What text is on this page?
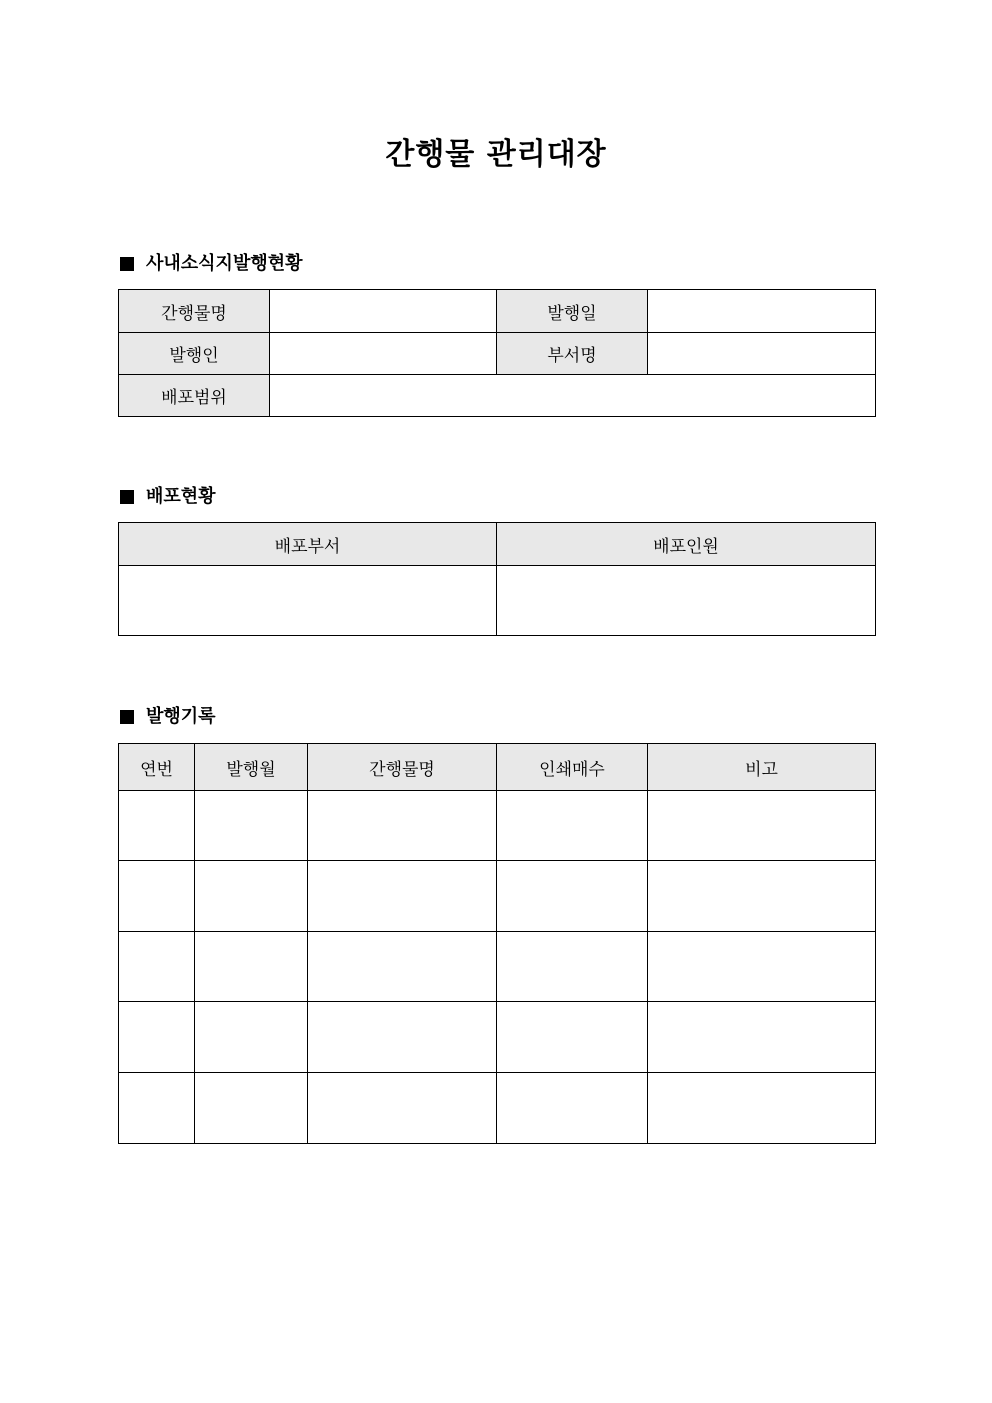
간행물 관리대장
사내소식지발행현황
간행물명		발행일	
발행인		부서명	
배포범위			
배포현황
배포부서	배포인원

발행기록
연번	발행월	간행물명	인쇄매수	비고
